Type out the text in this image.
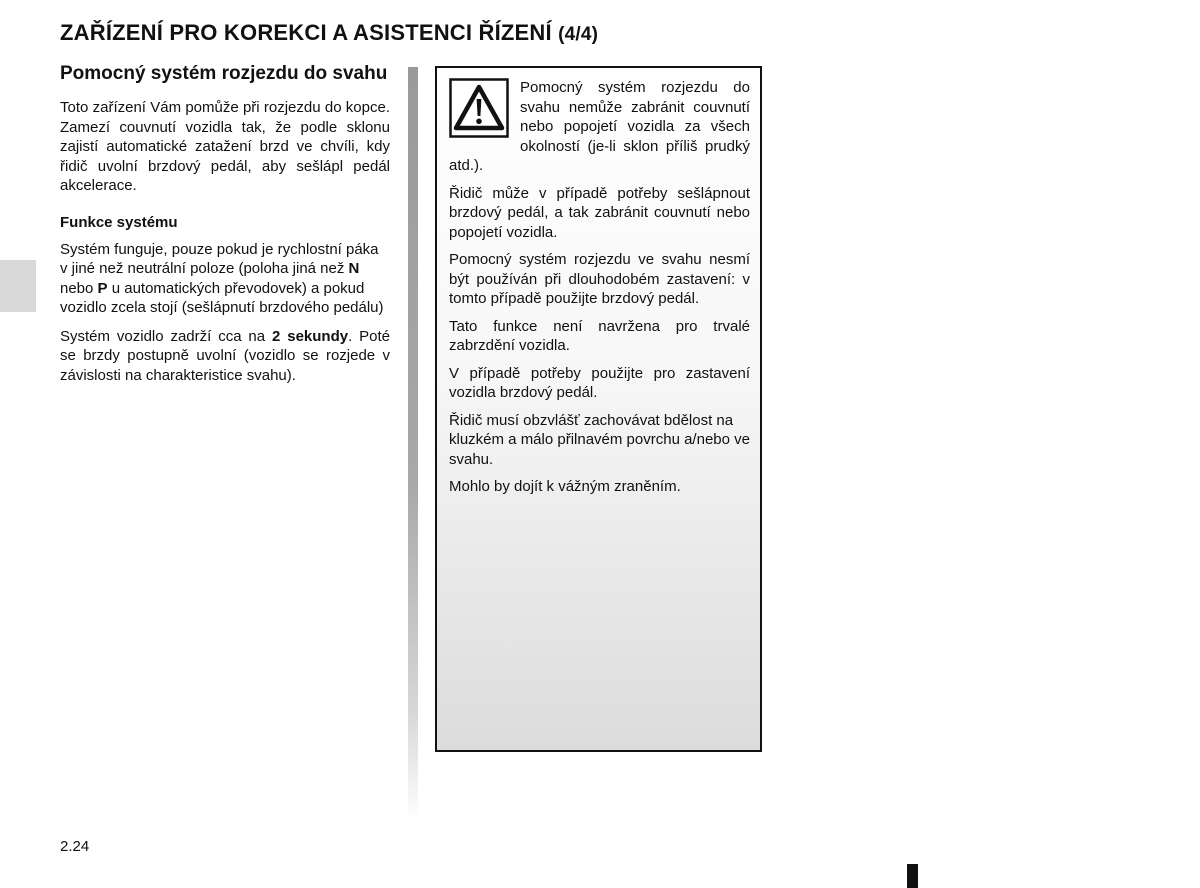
ZAŘÍZENÍ PRO KOREKCI A ASISTENCI ŘÍZENÍ (4/4)
Pomocný systém rozjezdu do svahu

Toto zařízení Vám pomůže při rozjezdu do kopce. Zamezí couvnutí vozidla tak, že podle sklonu zajistí automatické zatažení brzd ve chvíli, kdy řidič uvolní brzdový pedál, aby sešlápl pedál akcelerace.

Funkce systému

Systém funguje, pouze pokud je rychlostní páka v jiné než neutrální poloze (poloha jiná než N nebo P u automatických převodovek) a pokud vozidlo zcela stojí (sešlápnutí brzdového pedálu)

Systém vozidlo zadrží cca na 2 sekundy. Poté se brzdy postupně uvolní (vozidlo se rozjede v závislosti na charakteristice svahu).

Pomocný systém rozjezdu do svahu nemůže zabránit couvnutí nebo popojetí vozidla za všech okolností (je-li sklon příliš prudký atd.).

Řidič může v případě potřeby sešlápnout brzdový pedál, a tak zabránit couvnutí nebo popojetí vozidla.

Pomocný systém rozjezdu ve svahu nesmí být používán při dlouhodobém zastavení: v tomto případě použijte brzdový pedál.

Tato funkce není navržena pro trvalé zabrzdění vozidla.

V případě potřeby použijte pro zastavení vozidla brzdový pedál.

Řidič musí obzvlášť zachovávat bdělost na kluzkém a málo přilnavém povrchu a/nebo ve svahu.

Mohlo by dojít k vážným zraněním.

2.24
